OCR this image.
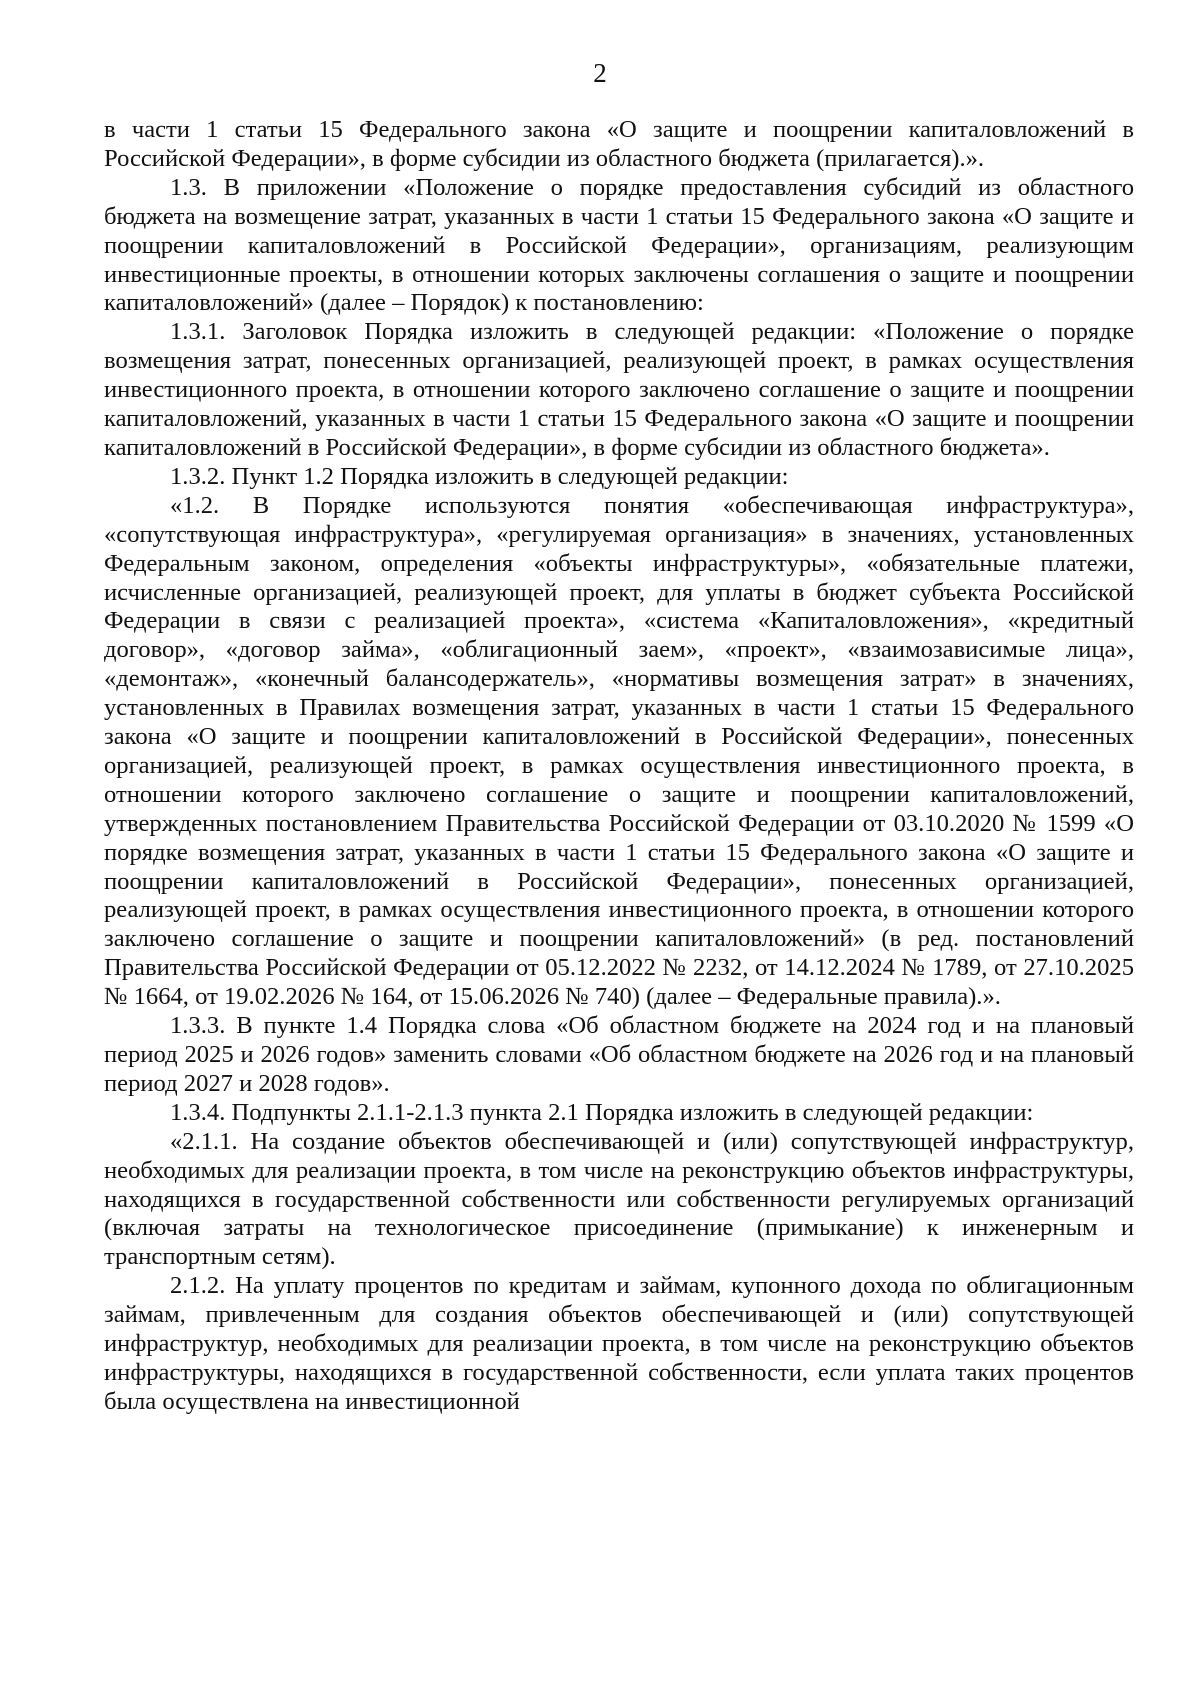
2

в части 1 статьи 15 Федерального закона «О защите и поощрении капиталовложений в Российской Федерации», в форме субсидии из областного бюджета (прилагается).».

1.3. В приложении «Положение о порядке предоставления субсидий из областного бюджета на возмещение затрат, указанных в части 1 статьи 15 Федерального закона «О защите и поощрении капиталовложений в Российской Федерации», организациям, реализующим инвестиционные проекты, в отношении которых заключены соглашения о защите и поощрении капиталовложений» (далее – Порядок) к постановлению:

1.3.1. Заголовок Порядка изложить в следующей редакции: «Положение о порядке возмещения затрат, понесенных организацией, реализующей проект, в рамках осуществления инвестиционного проекта, в отношении которого заключено соглашение о защите и поощрении капиталовложений, указанных в части 1 статьи 15 Федерального закона «О защите и поощрении капиталовложений в Российской Федерации», в форме субсидии из областного бюджета».

1.3.2. Пункт 1.2 Порядка изложить в следующей редакции:

«1.2. В Порядке используются понятия «обеспечивающая инфраструктура», «сопутствующая инфраструктура», «регулируемая организация» в значениях, установленных Федеральным законом, определения «объекты инфраструктуры», «обязательные платежи, исчисленные организацией, реализующей проект, для уплаты в бюджет субъекта Российской Федерации в связи с реализацией проекта», «система «Капиталовложения», «кредитный договор», «договор займа», «облигационный заем», «проект», «взаимозависимые лица», «демонтаж», «конечный балансодержатель», «нормативы возмещения затрат» в значениях, установленных в Правилах возмещения затрат, указанных в части 1 статьи 15 Федерального закона «О защите и поощрении капиталовложений в Российской Федерации», понесенных организацией, реализующей проект, в рамках осуществления инвестиционного проекта, в отношении которого заключено соглашение о защите и поощрении капиталовложений, утвержденных постановлением Правительства Российской Федерации от 03.10.2020 № 1599 «О порядке возмещения затрат, указанных в части 1 статьи 15 Федерального закона «О защите и поощрении капиталовложений в Российской Федерации», понесенных организацией, реализующей проект, в рамках осуществления инвестиционного проекта, в отношении которого заключено соглашение о защите и поощрении капиталовложений» (в ред. постановлений Правительства Российской Федерации от 05.12.2022 № 2232, от 14.12.2024 № 1789, от 27.10.2025 № 1664, от 19.02.2026 № 164, от 15.06.2026 № 740) (далее – Федеральные правила).».

1.3.3. В пункте 1.4 Порядка слова «Об областном бюджете на 2024 год и на плановый период 2025 и 2026 годов» заменить словами «Об областном бюджете на 2026 год и на плановый период 2027 и 2028 годов».

1.3.4. Подпункты 2.1.1-2.1.3 пункта 2.1 Порядка изложить в следующей редакции:

«2.1.1. На создание объектов обеспечивающей и (или) сопутствующей инфраструктур, необходимых для реализации проекта, в том числе на реконструкцию объектов инфраструктуры, находящихся в государственной собственности или собственности регулируемых организаций (включая затраты на технологическое присоединение (примыкание) к инженерным и транспортным сетям).

2.1.2. На уплату процентов по кредитам и займам, купонного дохода по облигационным займам, привлеченным для создания объектов обеспечивающей и (или) сопутствующей инфраструктур, необходимых для реализации проекта, в том числе на реконструкцию объектов инфраструктуры, находящихся в государственной собственности, если уплата таких процентов была осуществлена на инвестиционной
